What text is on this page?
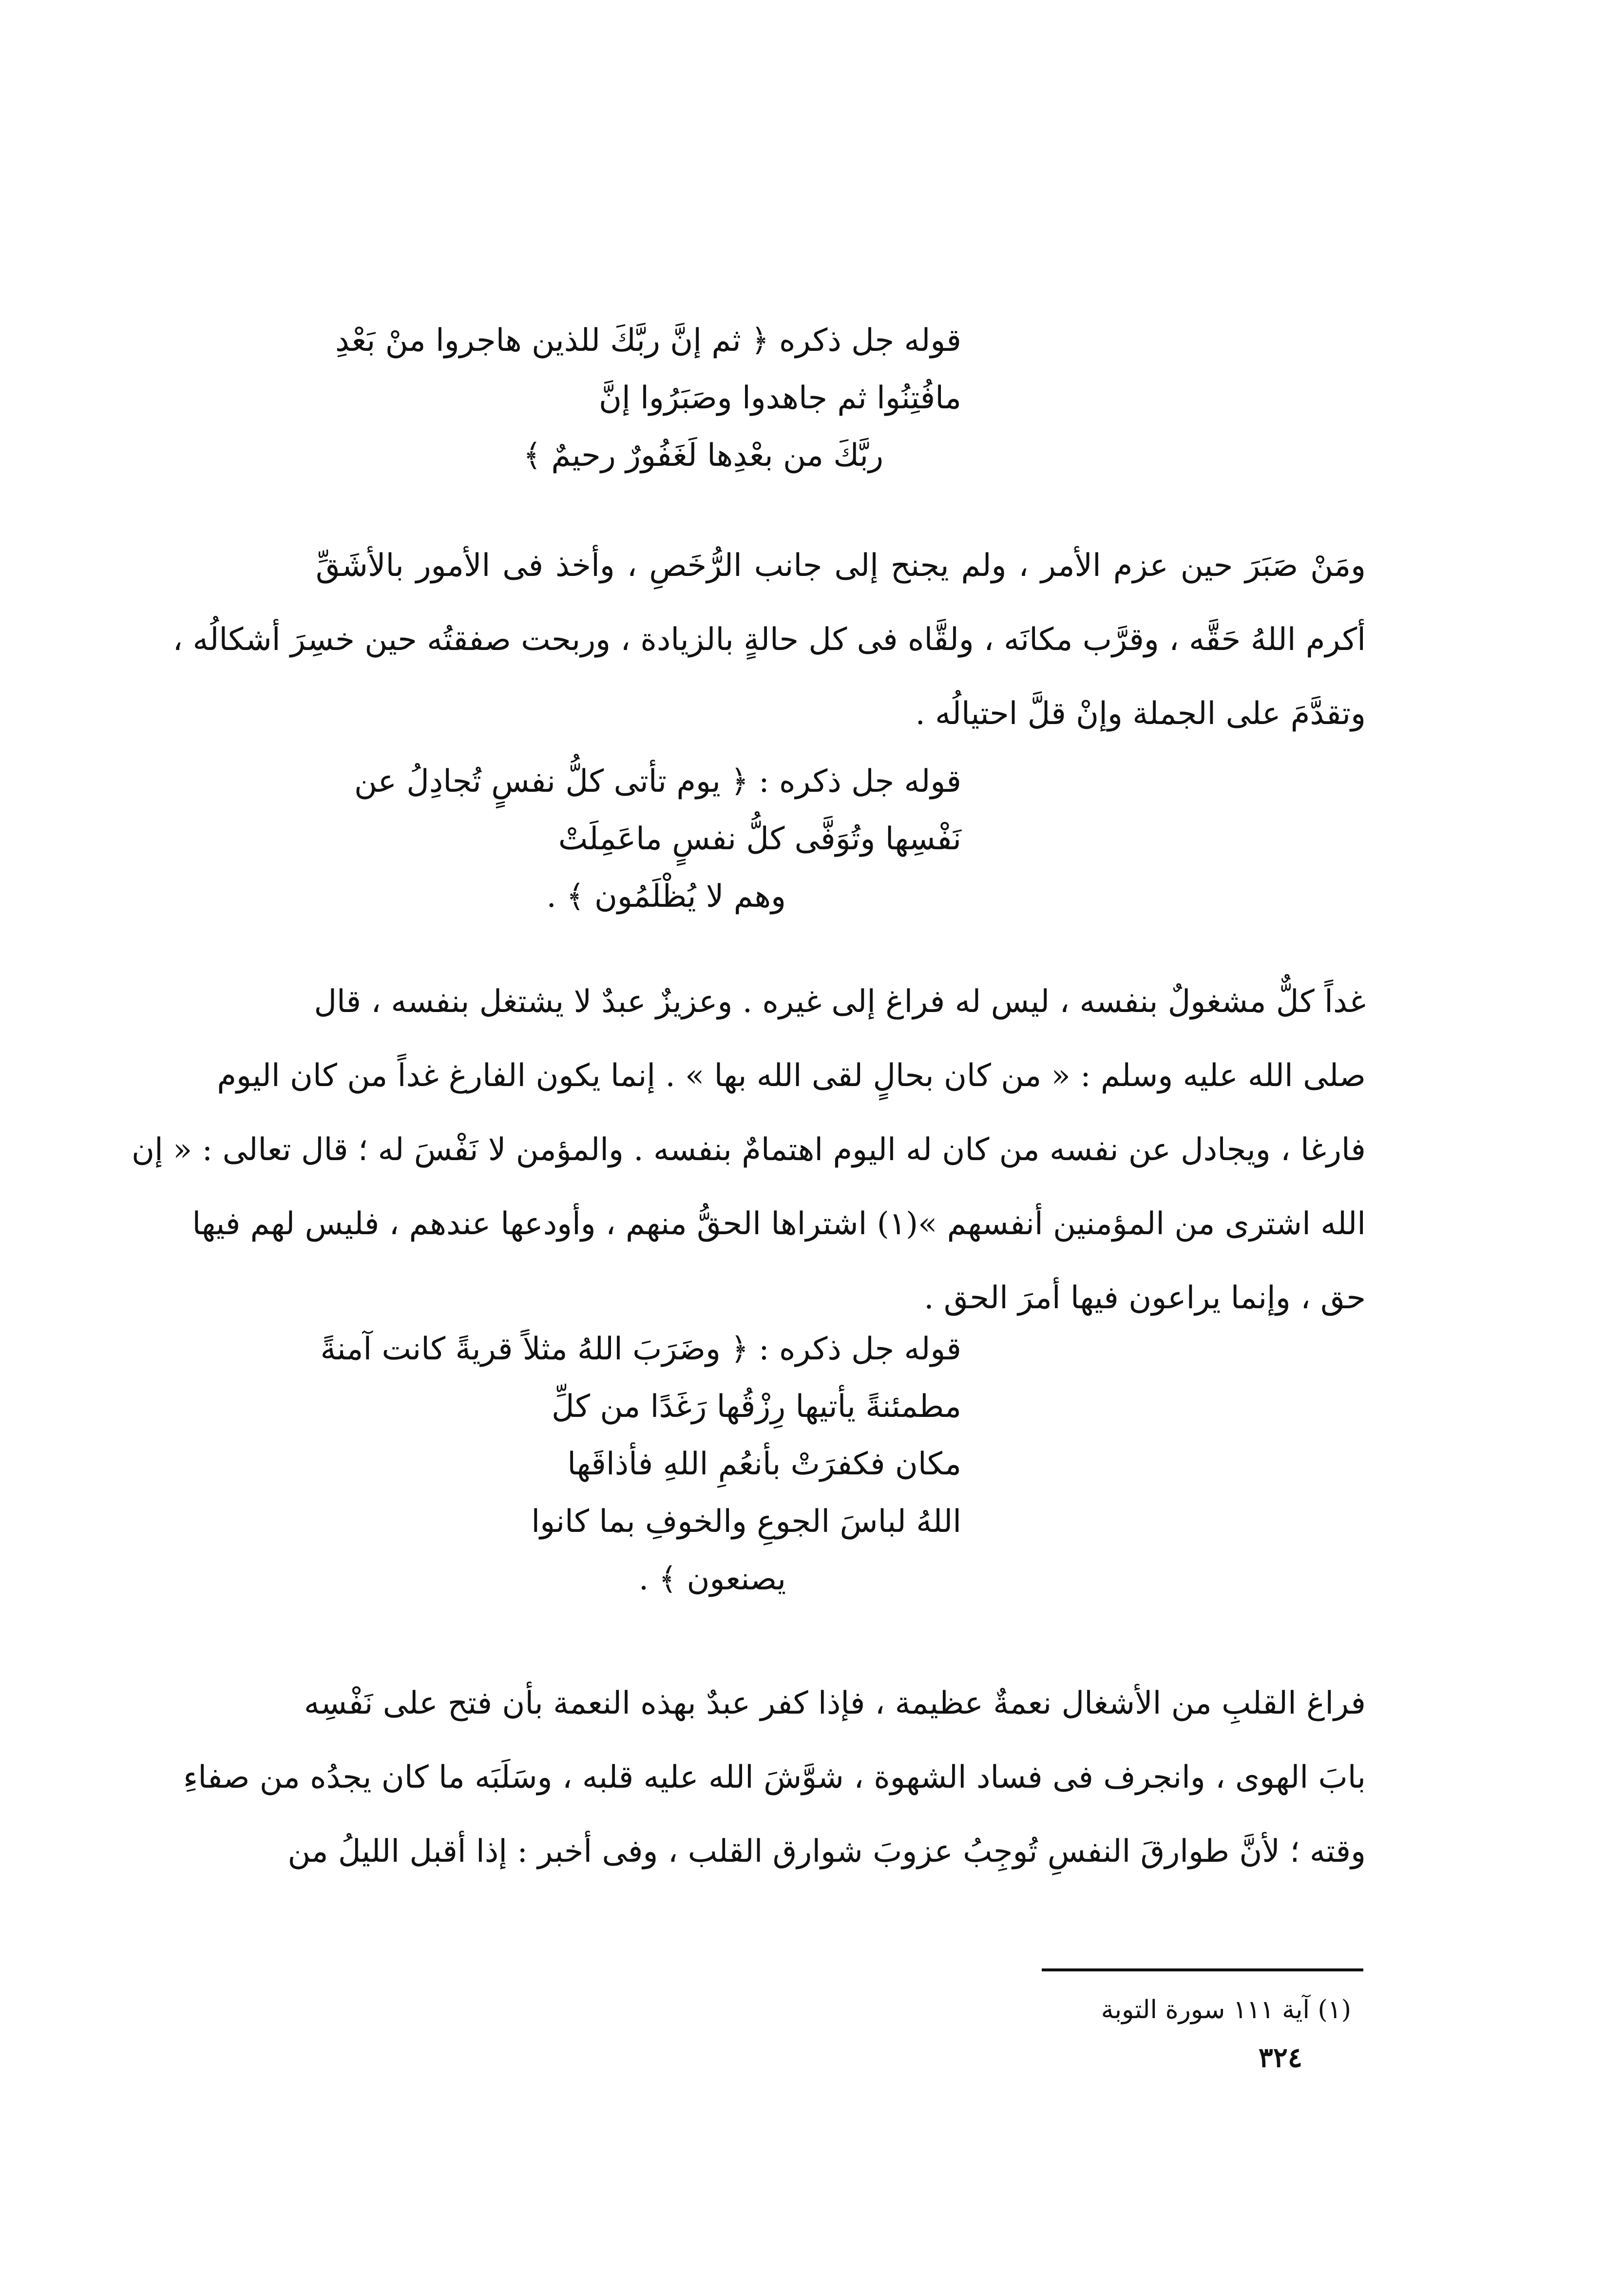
قوله جل ذكره ﴿ ثم إنَّ ربَّكَ للذين هاجروا منْ بَعْدِ
مافُتِنُوا ثم جاهدوا وصَبَرُوا إنَّ
ربَّكَ من بعْدِها لَغَفُورٌ رحيمٌ ﴾
ومَنْ صَبَرَ حين عزم الأمر ، ولم يجنح إلى جانب الرُّخَصِ ، وأخذ فى الأمور بالأشَقِّ
أكرم اللهُ حَقَّه ، وقرَّب مكانَه ، ولقَّاه فى كل حالةٍ بالزيادة ، وربحت صفقتُه حين خسِرَ أشكالُه ،
وتقدَّمَ على الجملة وإنْ قلَّ احتيالُه .
قوله جل ذكره : ﴿ يوم تأتى كلُّ نفسٍ تُجادِلُ عن
نَفْسِها وتُوَفَّى كلُّ نفسٍ ماعَمِلَتْ
وهم لا يُظْلَمُون ﴾ .
غداً كلٌّ مشغولٌ بنفسه ، ليس له فراغ إلى غيره . وعزيزٌ عبدٌ لا يشتغل بنفسه ، قال
صلى الله عليه وسلم : « من كان بحالٍ لقى الله بها » . إنما يكون الفارغ غداً من كان اليوم
فارغا ، ويجادل عن نفسه من كان له اليوم اهتمامٌ بنفسه . والمؤمن لا نَفْسَ له ؛ قال تعالى : « إن
الله اشترى من المؤمنين أنفسهم »(١) اشتراها الحقُّ منهم ، وأودعها عندهم ، فليس لهم فيها
حق ، وإنما يراعون فيها أمرَ الحق .
قوله جل ذكره : ﴿ وضَرَبَ اللهُ مثلاً قريةً كانت آمنةً
مطمئنةً يأتيها رِزْقُها رَغَدًا من كلِّ
مكان فكفرَتْ بأنعُمِ اللهِ فأذاقَها
اللهُ لباسَ الجوعِ والخوفِ بما كانوا
يصنعون ﴾ .
فراغ القلبِ من الأشغال نعمةٌ عظيمة ، فإذا كفر عبدٌ بهذه النعمة بأن فتح على نَفْسِه
بابَ الهوى ، وانجرف فى فساد الشهوة ، شوَّشَ الله عليه قلبه ، وسَلَبَه ما كان يجدُه من صفاءِ
وقته ؛ لأنَّ طوارقَ النفسِ تُوجِبُ عزوبَ شوارق القلب ، وفى أخبر : إذا أقبل الليلُ من
(١) آية ١١١ سورة التوبة
٣٢٤
